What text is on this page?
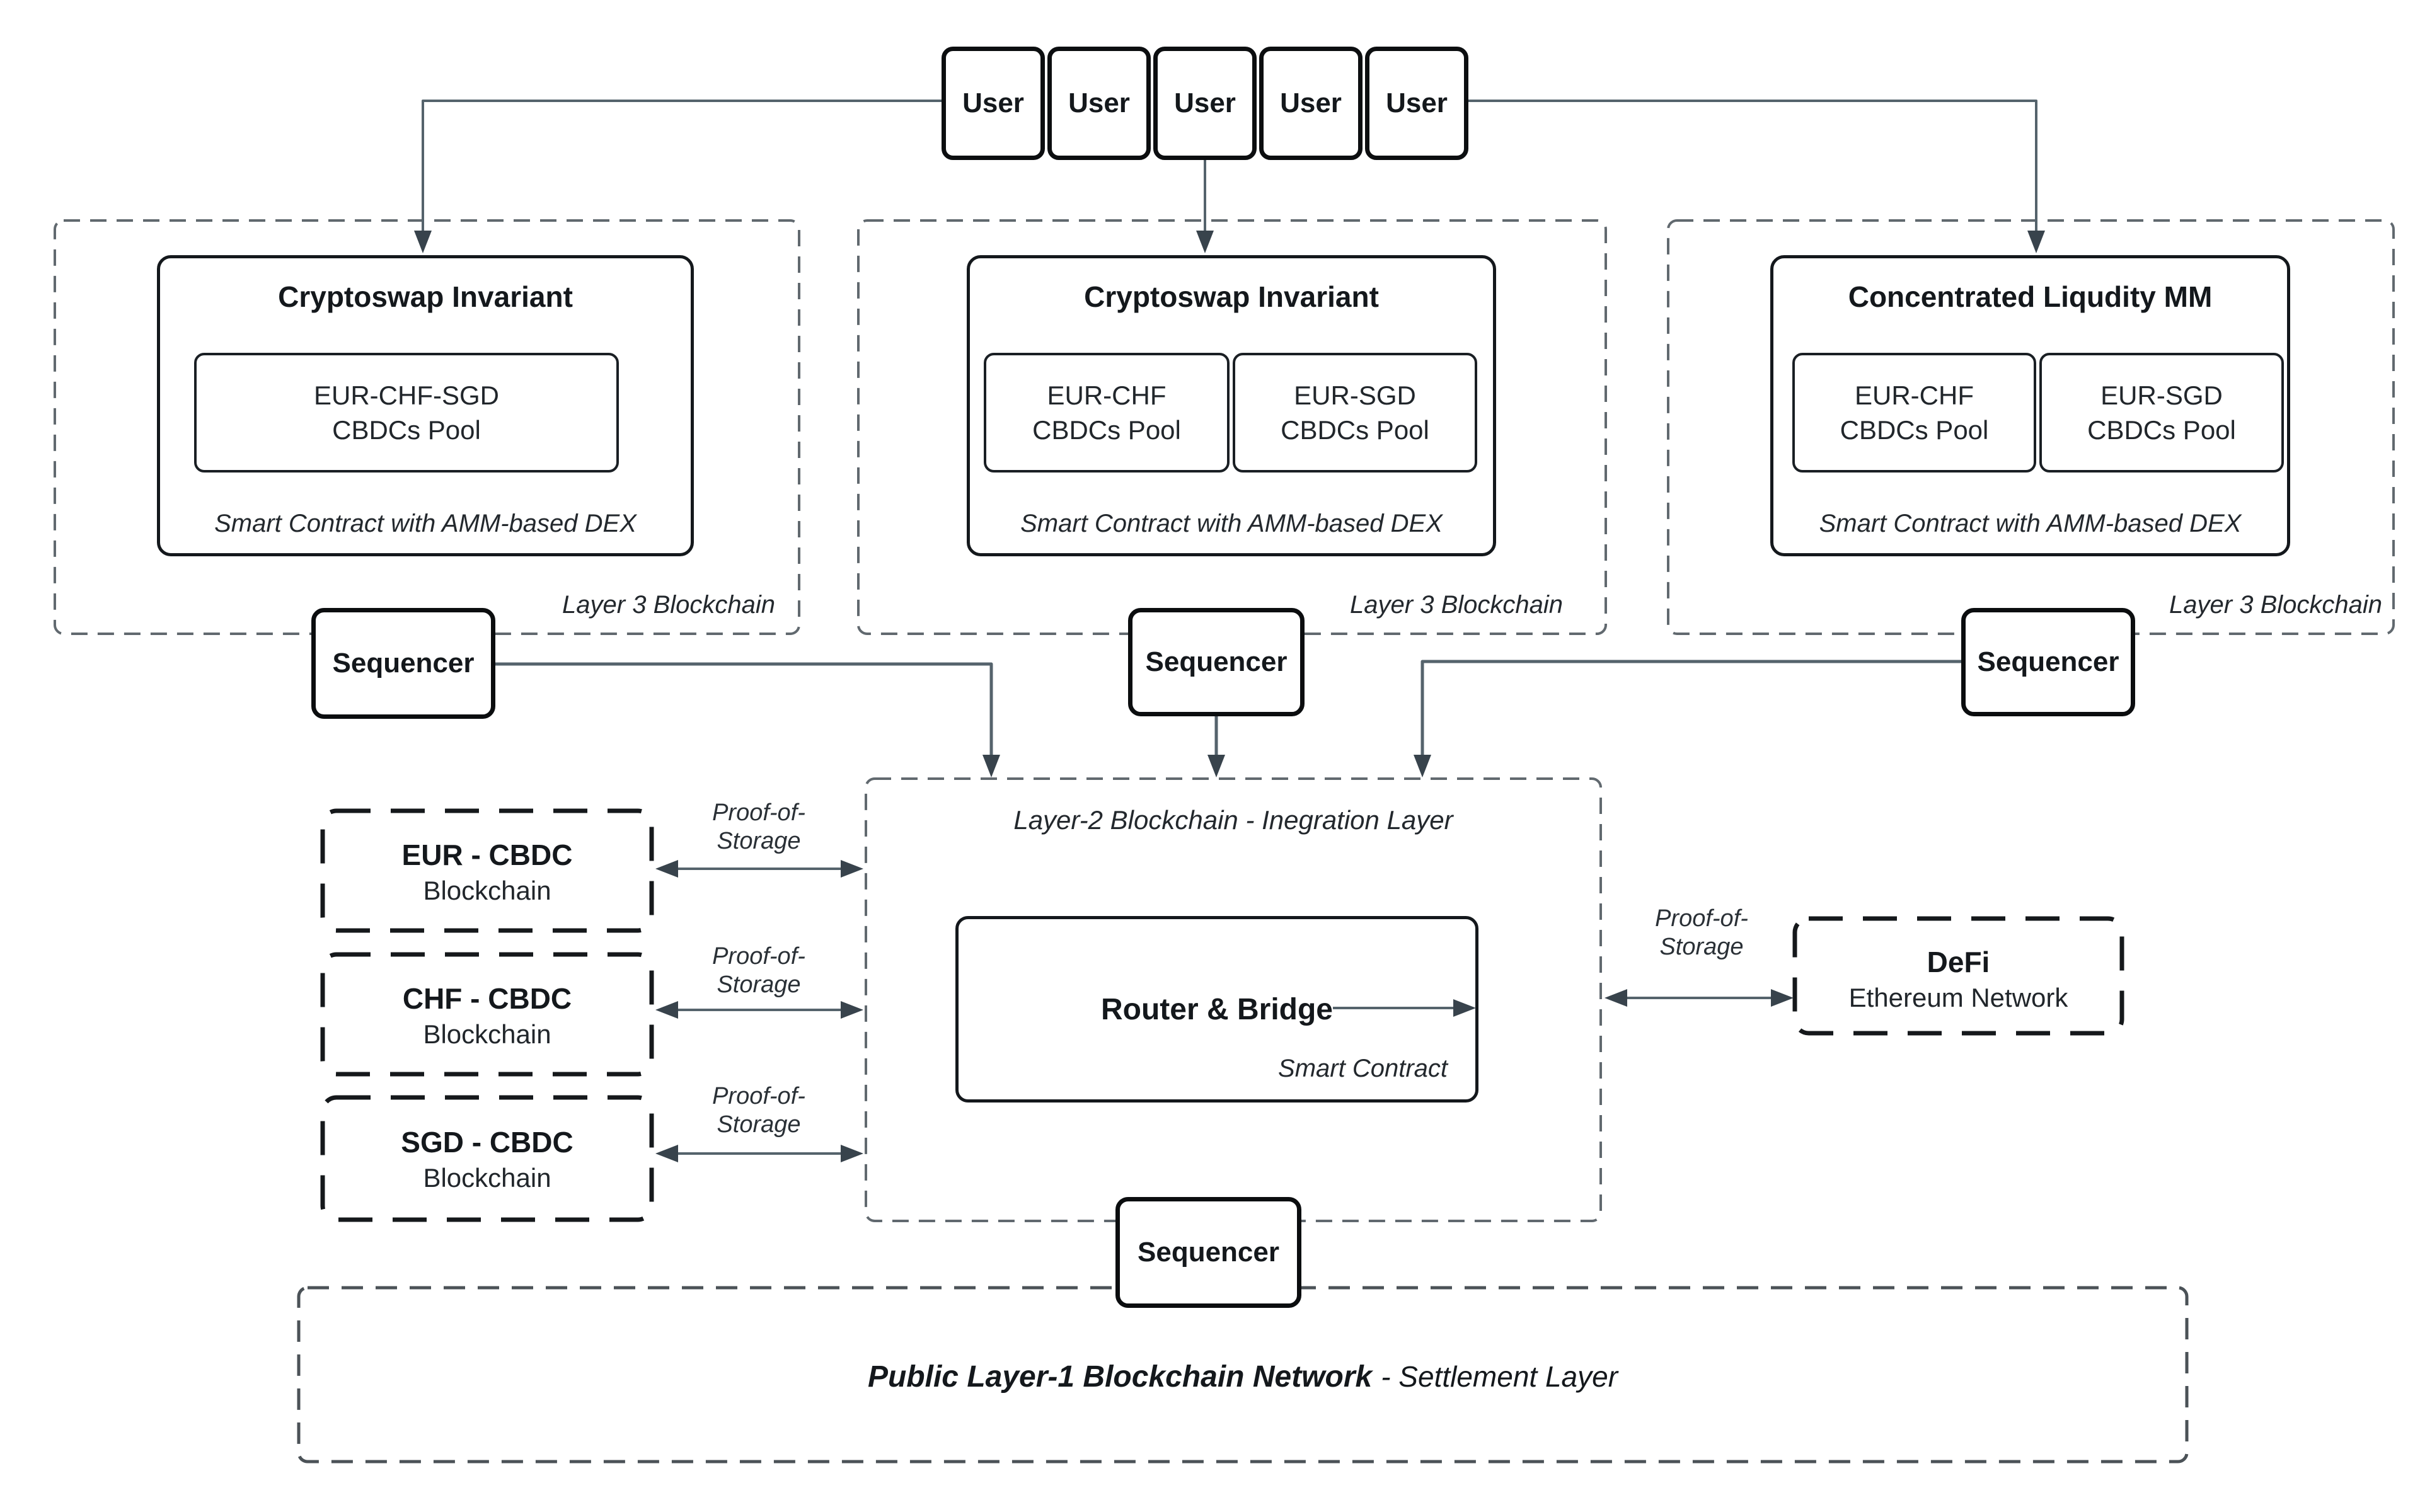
User User User User User
Cryptoswap Invariant
Smart Contract with AMM-based DEX
EUR-CHF-SGD
CBDCs Pool
Cryptoswap Invariant
Smart Contract with AMM-based DEX
EUR-CHF
CBDCs Pool
EUR-SGD
CBDCs Pool
Concentrated Liqudity MM
Smart Contract with AMM-based DEX
EUR-CHF
CBDCs Pool
EUR-SGD
CBDCs Pool
Layer 3 Blockchain	Layer 3 Blockchain	Layer 3 Blockchain
Sequencer	Sequencer	Sequencer
Sequencer
Layer-2 Blockchain - Inegration Layer
Router & Bridge
Smart Contract
EUR - CBDC
Blockchain
CHF - CBDC
Blockchain
SGD - CBDC
Blockchain
Proof-of-
Storage
Proof-of-
Storage
Proof-of-
Storage
Proof-of-
Storage	DeFi
Ethereum Network
Public Layer-1 Blockchain Network - Settlement Layer
